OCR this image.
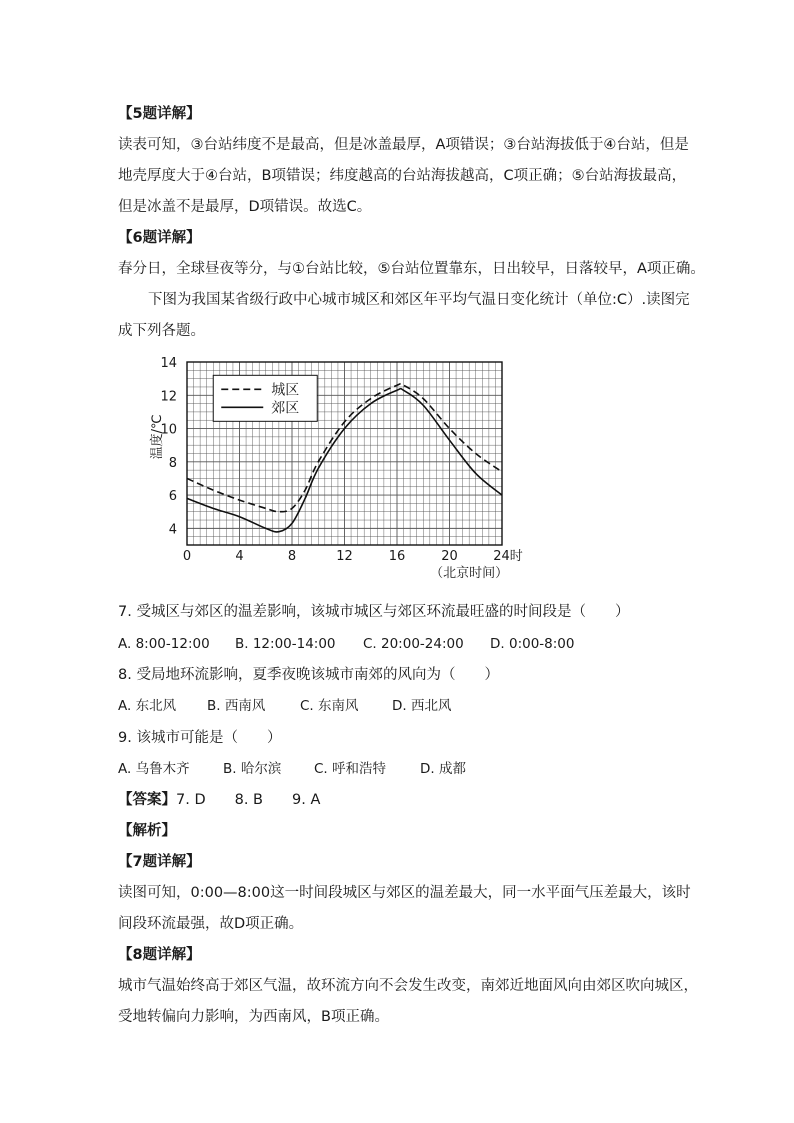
【5题详解】
读表可知，③台站纬度不是最高，但是冰盖最厚，A项错误；③台站海拔低于④台站，但是
地壳厚度大于④台站，B项错误；纬度越高的台站海拔越高，C项正确；⑤台站海拔最高，
但是冰盖不是最厚，D项错误。故选C。
【6题详解】
春分日，全球昼夜等分，与①台站比较，⑤台站位置靠东，日出较早，日落较早，A项正确。
下图为我国某省级行政中心城市城区和郊区年平均气温日变化统计（单位:C）.读图完
成下列各题。
4
6
8
10
12
14
0	4	8	12	16	20	24时
（北京时间）
温度/℃
城区
郊区
7. 受城区与郊区的温差影响，该城市城区与郊区环流最旺盛的时间段是（　　）
A. 8:00-12:00 B. 12:00-14:00 C. 20:00-24:00 D. 0:00-8:00
8. 受局地环流影响，夏季夜晚该城市南郊的风向为（　　）
A. 东北风 B. 西南风	C. 东南风 D. 西北风
9. 该城市可能是（　　）
A. 乌鲁木齐 B. 哈尔滨 C. 呼和浩特	D. 成都
【答案】7. D　　8. B　　9. A
【解析】
【7题详解】
读图可知，0:00—8:00这一时间段城区与郊区的温差最大，同一水平面气压差最大，该时
间段环流最强，故D项正确。
【8题详解】
城市气温始终高于郊区气温，故环流方向不会发生改变，南郊近地面风向由郊区吹向城区，
受地转偏向力影响，为西南风，B项正确。
